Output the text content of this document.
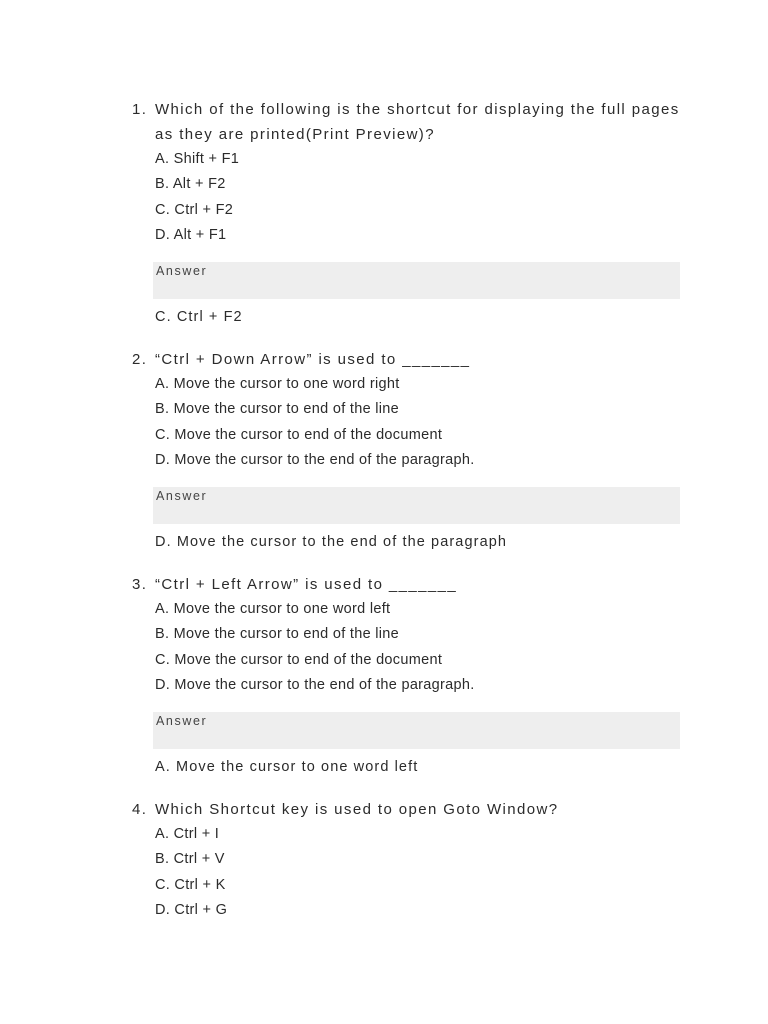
1. Which of the following is the shortcut for displaying the full pages as they are printed(Print Preview)?
A. Shift + F1
B. Alt + F2
C. Ctrl + F2
D. Alt + F1
Answer
C. Ctrl + F2
2. “Ctrl + Down Arrow” is used to _______
A. Move the cursor to one word right
B. Move the cursor to end of the line
C. Move the cursor to end of the document
D. Move the cursor to the end of the paragraph.
Answer
D. Move the cursor to the end of the paragraph
3. “Ctrl + Left Arrow” is used to _______
A. Move the cursor to one word left
B. Move the cursor to end of the line
C. Move the cursor to end of the document
D. Move the cursor to the end of the paragraph.
Answer
A. Move the cursor to one word left
4. Which Shortcut key is used to open Goto Window?
A. Ctrl + I
B. Ctrl + V
C. Ctrl + K
D. Ctrl + G
